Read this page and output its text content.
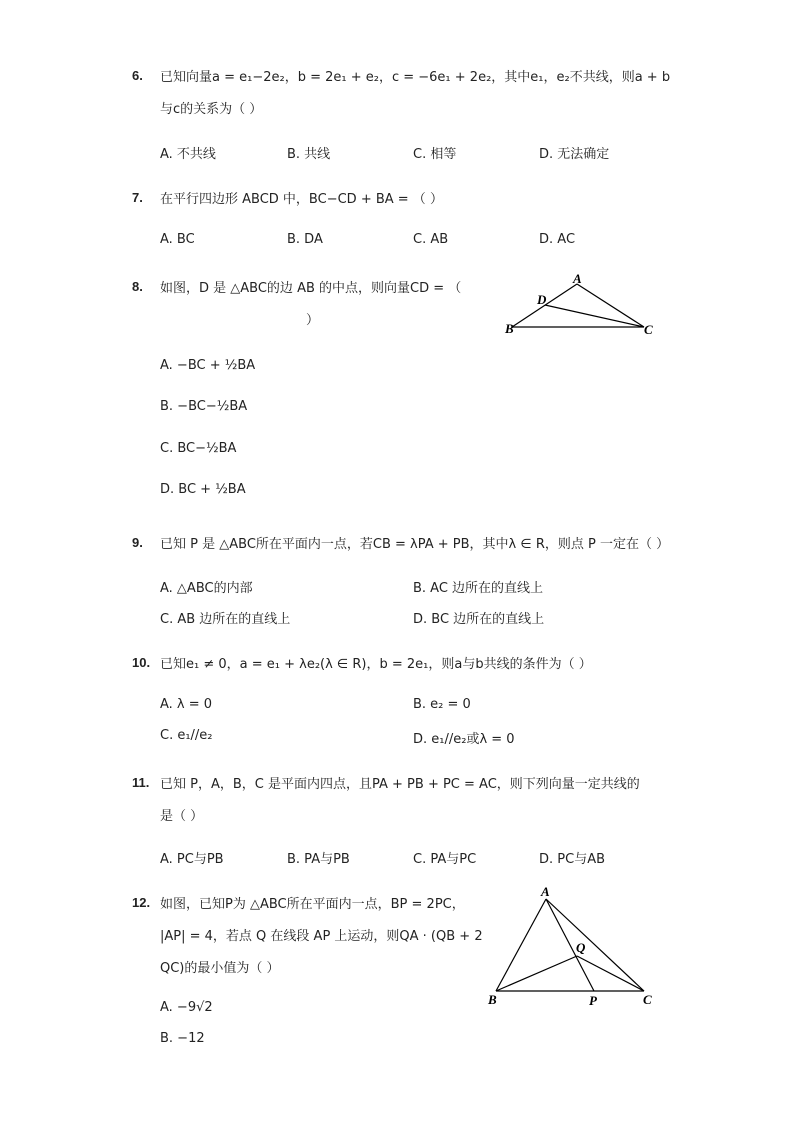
6. 已知向量a = e₁−2e₂，b = 2e₁ + e₂，c = −6e₁ + 2e₂，其中e₁，e₂不共线，则a + b
与c的关系为（ ）
A. 不共线	B. 共线	C. 相等	D. 无法确定
7. 在平行四边形 ABCD 中，BC−CD + BA = （ ）
A. BC	B. DA	C. AB	D. AC
8. 如图，D 是 △ABC的边 AB 的中点，则向量CD = （
）
A
D
B	C
A. −BC + ½BA
B. −BC−½BA
C. BC−½BA
D. BC + ½BA
9. 已知 P 是 △ABC所在平面内一点，若CB = λPA + PB，其中λ ∈ R，则点 P 一定在（ ）
A. △ABC的内部	B. AC 边所在的直线上
C. AB 边所在的直线上	D. BC 边所在的直线上
10. 已知e₁ ≠ 0，a = e₁ + λe₂(λ ∈ R)，b = 2e₁，则a与b共线的条件为（ ）
A. λ = 0	B. e₂ = 0
C. e₁//e₂	D. e₁//e₂或λ = 0
11. 已知 P，A，B，C 是平面内四点，且PA + PB + PC = AC，则下列向量一定共线的
是（ ）
A. PC与PB	B. PA与PB	C. PA与PC	D. PC与AB
12. 如图，已知P为 △ABC所在平面内一点，BP = 2PC，
|AP| = 4，若点 Q 在线段 AP 上运动，则QA · (QB + 2
QC)的最小值为（ ）
A
Q
B	P	C
A. −9√2
B. −12
